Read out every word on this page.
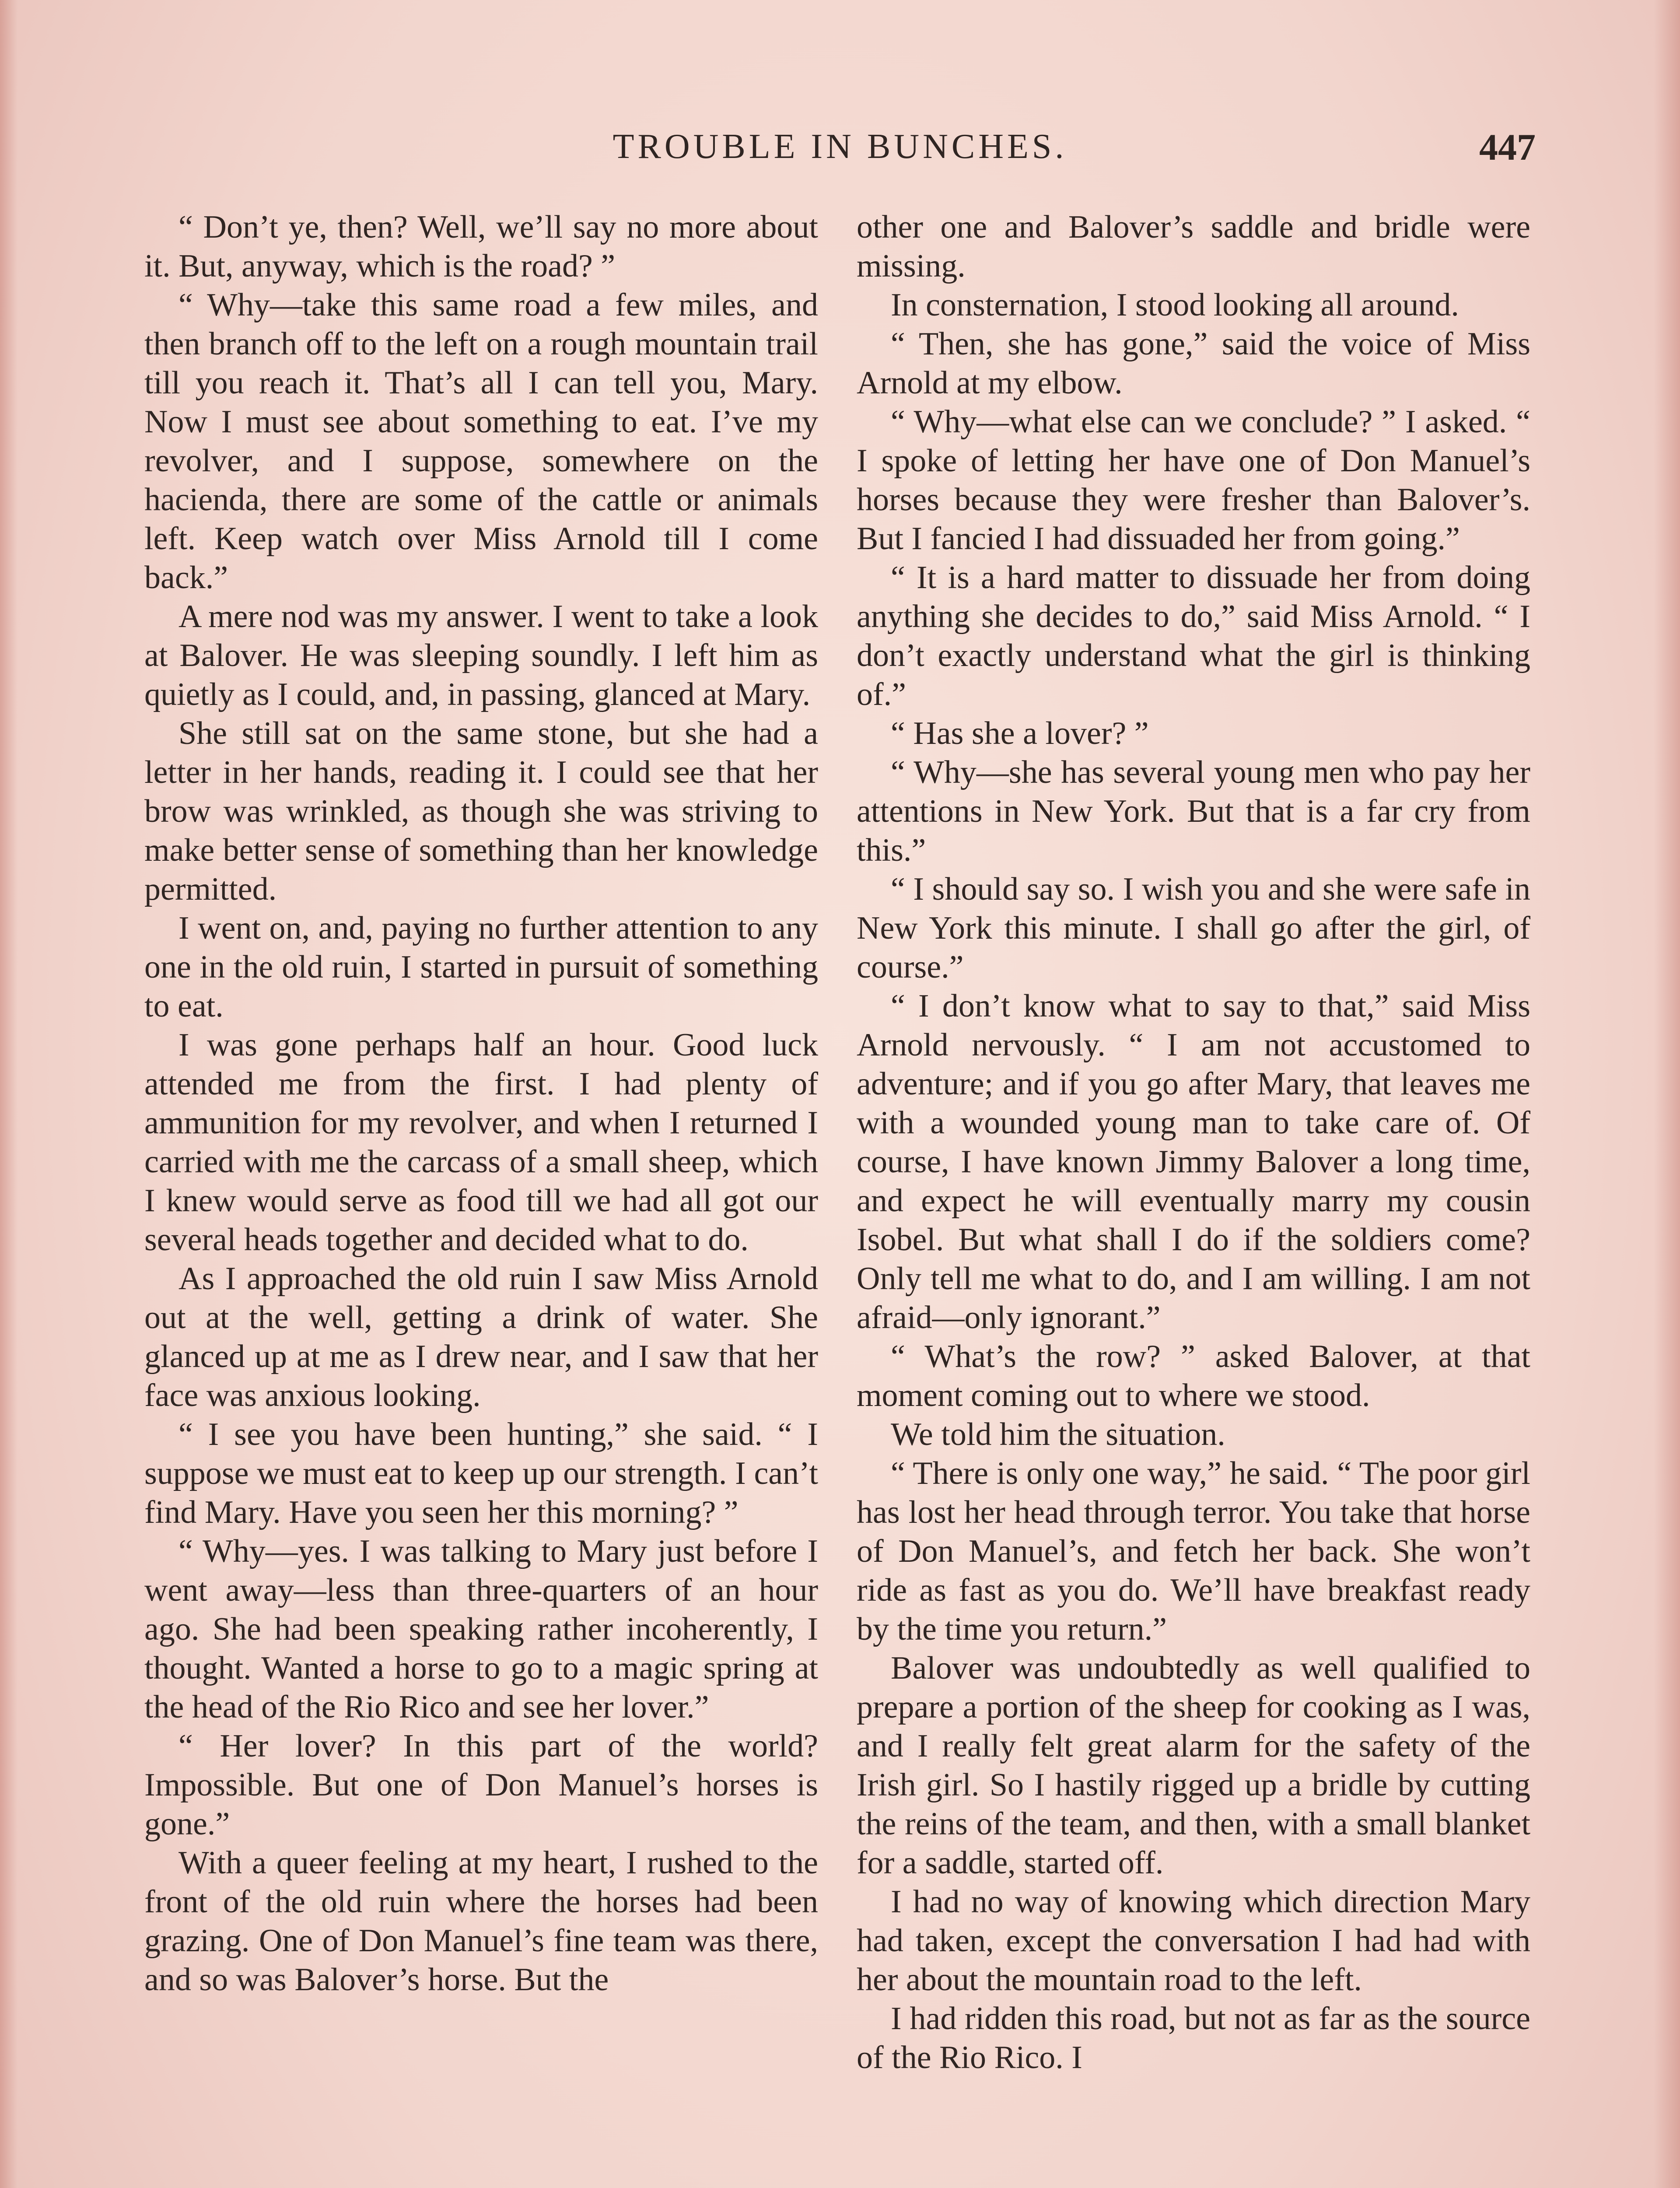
TROUBLE IN BUNCHES.	447

“ Don’t ye, then? Well, we’ll say no more about it. But, anyway, which is the road? ”

“ Why—take this same road a few miles, and then branch off to the left on a rough mountain trail till you reach it. That’s all I can tell you, Mary. Now I must see about something to eat. I’ve my revolver, and I suppose, somewhere on the hacienda, there are some of the cattle or animals left. Keep watch over Miss Arnold till I come back.”

A mere nod was my answer. I went to take a look at Balover. He was sleeping soundly. I left him as quietly as I could, and, in passing, glanced at Mary.

She still sat on the same stone, but she had a letter in her hands, reading it. I could see that her brow was wrinkled, as though she was striving to make better sense of something than her knowledge permitted.

I went on, and, paying no further attention to any one in the old ruin, I started in pursuit of something to eat.

I was gone perhaps half an hour. Good luck attended me from the first. I had plenty of ammunition for my revolver, and when I returned I carried with me the carcass of a small sheep, which I knew would serve as food till we had all got our several heads together and decided what to do.

As I approached the old ruin I saw Miss Arnold out at the well, getting a drink of water. She glanced up at me as I drew near, and I saw that her face was anxious looking.

“ I see you have been hunting,” she said. “ I suppose we must eat to keep up our strength. I can’t find Mary. Have you seen her this morning? ”

“ Why—yes. I was talking to Mary just before I went away—less than three-quarters of an hour ago. She had been speaking rather incoherently, I thought. Wanted a horse to go to a magic spring at the head of the Rio Rico and see her lover.”

“ Her lover? In this part of the world? Impossible. But one of Don Manuel’s horses is gone.”

With a queer feeling at my heart, I rushed to the front of the old ruin where the horses had been grazing. One of Don Manuel’s fine team was there, and so was Balover’s horse. But the

other one and Balover’s saddle and bridle were missing.

In consternation, I stood looking all around.

“ Then, she has gone,” said the voice of Miss Arnold at my elbow.

“ Why—what else can we conclude? ” I asked. “ I spoke of letting her have one of Don Manuel’s horses because they were fresher than Balover’s. But I fancied I had dissuaded her from going.”

“ It is a hard matter to dissuade her from doing anything she decides to do,” said Miss Arnold. “ I don’t exactly understand what the girl is thinking of.”

“ Has she a lover? ”

“ Why—she has several young men who pay her attentions in New York. But that is a far cry from this.”

“ I should say so. I wish you and she were safe in New York this minute. I shall go after the girl, of course.”

“ I don’t know what to say to that,” said Miss Arnold nervously. “ I am not accustomed to adventure; and if you go after Mary, that leaves me with a wounded young man to take care of. Of course, I have known Jimmy Balover a long time, and expect he will eventually marry my cousin Isobel. But what shall I do if the soldiers come? Only tell me what to do, and I am willing. I am not afraid—only ignorant.”

“ What’s the row? ” asked Balover, at that moment coming out to where we stood.

We told him the situation.

“ There is only one way,” he said. “ The poor girl has lost her head through terror. You take that horse of Don Manuel’s, and fetch her back. She won’t ride as fast as you do. We’ll have breakfast ready by the time you return.”

Balover was undoubtedly as well qualified to prepare a portion of the sheep for cooking as I was, and I really felt great alarm for the safety of the Irish girl. So I hastily rigged up a bridle by cutting the reins of the team, and then, with a small blanket for a saddle, started off.

I had no way of knowing which direction Mary had taken, except the conversation I had had with her about the mountain road to the left.

I had ridden this road, but not as far as the source of the Rio Rico. I
